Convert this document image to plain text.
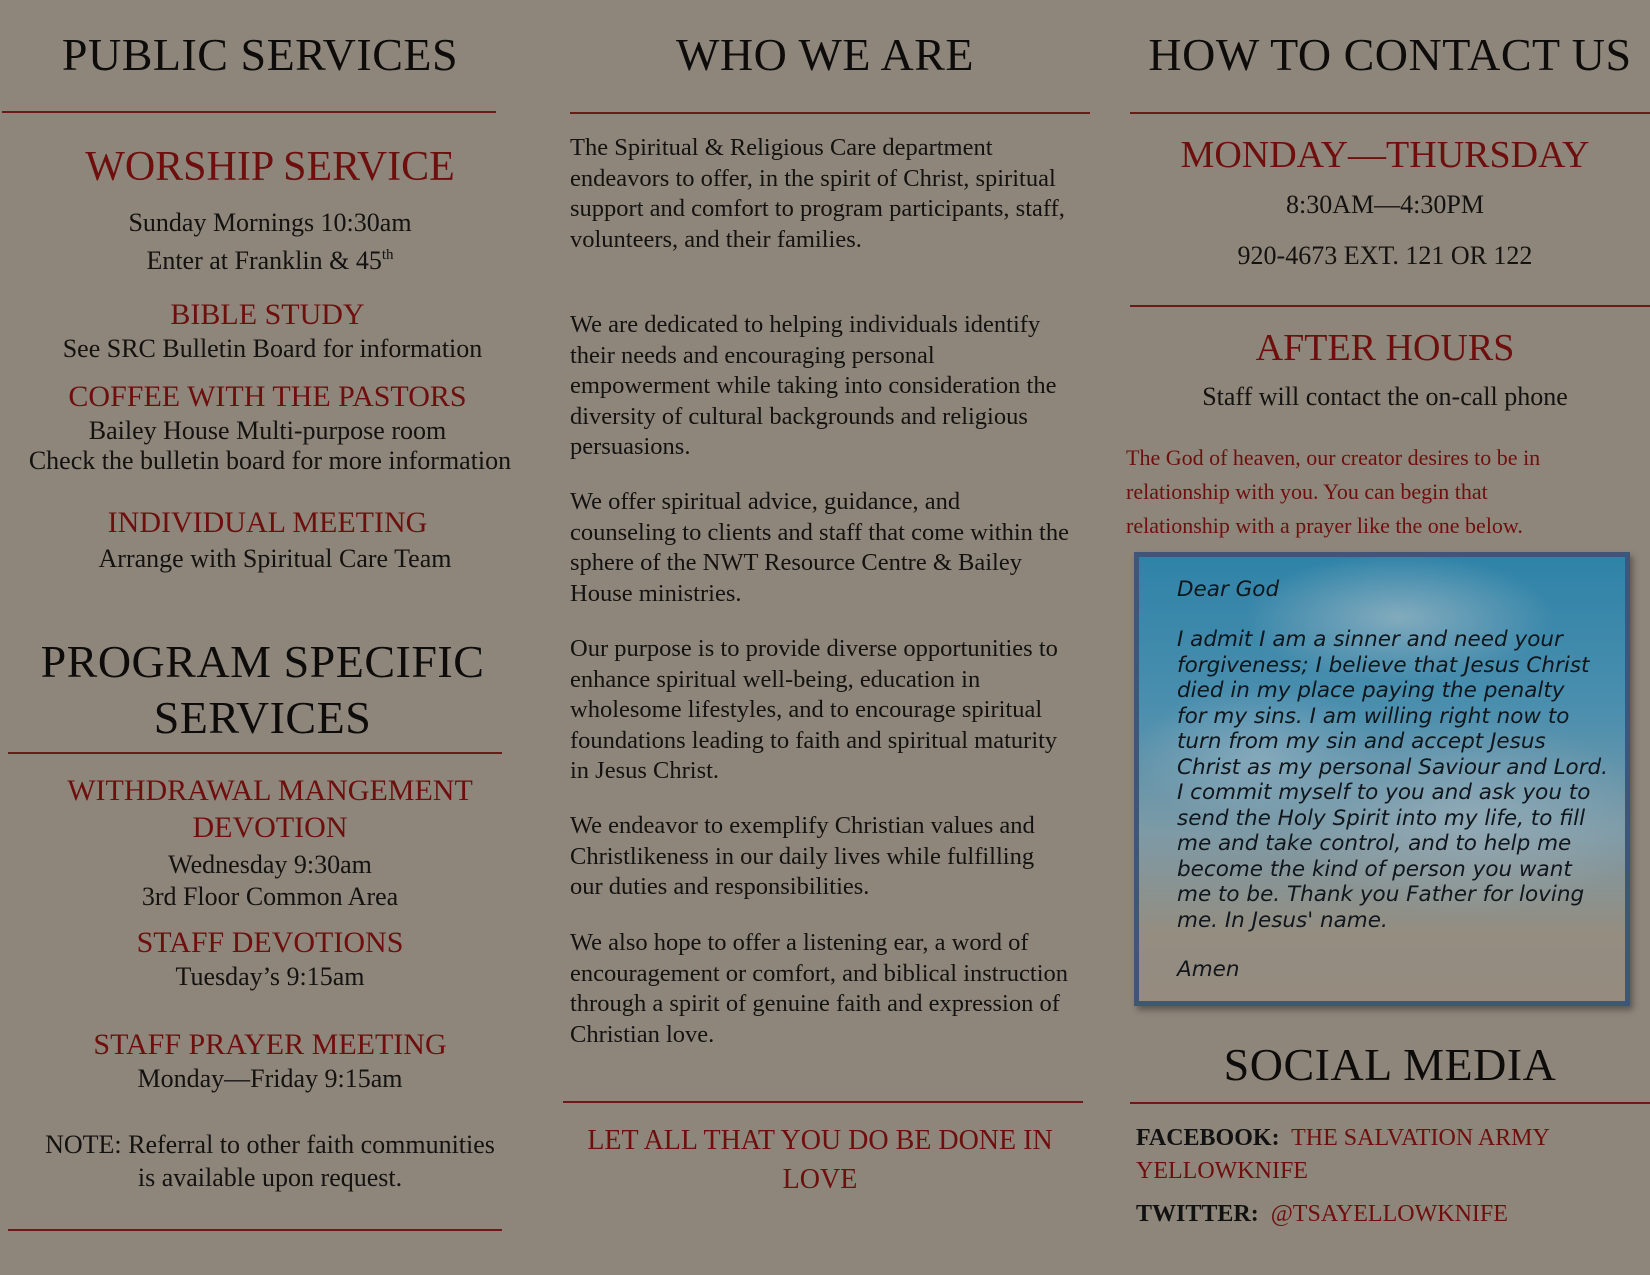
PUBLIC SERVICES
WORSHIP SERVICE
Sunday Mornings 10:30am
Enter at Franklin & 45th
BIBLE STUDY
See SRC Bulletin Board for information
COFFEE WITH THE PASTORS
Bailey House Multi-purpose room
Check the bulletin board for more information
INDIVIDUAL MEETING
Arrange with Spiritual Care Team
PROGRAM SPECIFIC
SERVICES
WITHDRAWAL MANGEMENT
DEVOTION
Wednesday 9:30am
3rd Floor Common Area
STAFF DEVOTIONS
Tuesday’s 9:15am
STAFF PRAYER MEETING
Monday—Friday 9:15am
NOTE: Referral to other faith communities
is available upon request.
WHO WE ARE

The Spiritual & Religious Care department endeavors to offer, in the spirit of Christ, spiritual support and comfort to program participants, staff, volunteers, and their families.

We are dedicated to helping individuals identify their needs and encouraging personal empowerment while taking into consideration the diversity of cultural backgrounds and religious persuasions.

We offer spiritual advice, guidance, and counseling to clients and staff that come within the sphere of the NWT Resource Centre & Bailey House ministries.

Our purpose is to provide diverse opportunities to enhance spiritual well-being, education in wholesome lifestyles, and to encourage spiritual foundations leading to faith and spiritual maturity in Jesus Christ.

We endeavor to exemplify Christian values and Christlikeness in our daily lives while fulfilling our duties and responsibilities.

We also hope to offer a listening ear, a word of encouragement or comfort, and biblical instruction through a spirit of genuine faith and expression of Christian love.

LET ALL THAT YOU DO BE DONE IN
LOVE
HOW TO CONTACT US
MONDAY—THURSDAY
8:30AM—4:30PM
920-4673 EXT. 121 OR 122
AFTER HOURS
Staff will contact the on-call phone
The God of heaven, our creator desires to be in
relationship with you. You can begin that
relationship with a prayer like the one below.
Dear God
I admit I am a sinner and need your
forgiveness; I believe that Jesus Christ
died in my place paying the penalty
for my sins. I am willing right now to
turn from my sin and accept Jesus
Christ as my personal Saviour and Lord.
I commit myself to you and ask you to
send the Holy Spirit into my life, to fill
me and take control, and to help me
become the kind of person you want
me to be. Thank you Father for loving
me. In Jesus' name.
Amen
SOCIAL MEDIA
FACEBOOK: THE SALVATION ARMY
YELLOWKNIFE
TWITTER: @TSAYELLOWKNIFE
